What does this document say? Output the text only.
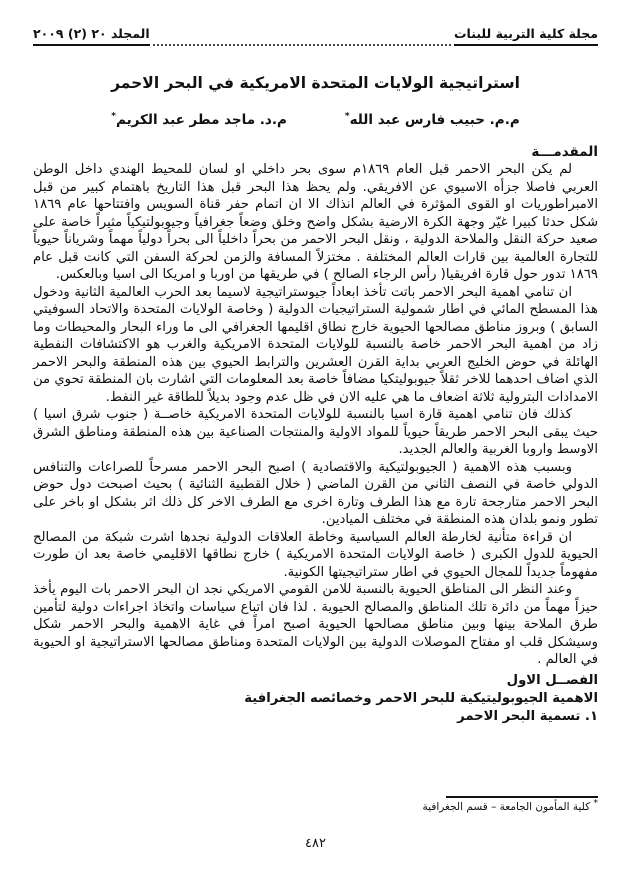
مجلة كلية التربية للبنات
المجلد ٢٠ (٢) ٢٠٠٩
استراتيجية الولايات المتحدة الامريكية في البحر الاحمر
م.م. حبيب فارس عبد الله*
م.د. ماجد مطر عبد الكريم*
المقدمـــة

لم يكن البحر الاحمر قبل العام ١٨٦٩م سوى بحر داخلي او لسان للمحيط الهندي داخل الوطن العربي فاصلا جزأه الاسيوي عن الافريقي. ولم يحظ هذا البحر قبل هذا التاريخ باهتمام كبير من قبل الامبراطوريات او القوى المؤثرة في العالم انذاك الا ان اتمام حفر قناة السويس وافتتاحها عام ١٨٦٩ شكل حدثا كبيرا غيّر وجهة الكرة الارضية بشكل واضح وخلق وضعاً جغرافياً وجيوبولتيكياً مثيراً خاصة على صعيد حركة النقل والملاحة الدولية ، ونقل البحر الاحمر من بحراً داخلياً الى بحراً دولياً مهماً وشرياناً حيوياً للتجارة العالمية بين قارات العالم المختلفة . مختزلاً المسافة والزمن لحركة السفن التي كانت قبل عام ١٨٦٩ تدور حول قارة افريقيا( رأس الرجاء الصالح ) في طريقها من اوربا و امريكا الى اسيا وبالعكس.

ان تنامي اهمية البحر الاحمر باتت تأخذ ابعاداً جيوستراتيجية لاسيما بعد الحرب العالمية الثانية ودخول هذا المسطح المائي في اطار شمولية الستراتيجيات الدولية ( وخاصة الولايات المتحدة والاتحاد السوفيتي السابق ) وبروز مناطق مصالحها الحيوية خارج نطاق اقليمها الجغرافي الى ما وراء البحار والمحيطات وما زاد من اهمية البحر الاحمر خاصة بالنسبة للولايات المتحدة الامريكية والغرب هو الاكتشافات النفطية الهائلة في حوض الخليج العربي بداية القرن العشرين والترابط الحيوي بين هذه المنطقة والبحر الاحمر الذي اضاف احدهما للاخر ثقلاً جيوبوليتكيا مضافاً خاصة بعد المعلومات التي اشارت بان المنطقة تحوي من الامدادات البترولية ثلاثة اضعاف ما هي عليه الان في ظل عدم وجود بديلاً للطاقة غير النفط.

كذلك فان تنامي اهمية قارة اسيا بالنسبة للولايات المتحدة الامريكية خاصــة ( جنوب شرق اسيا ) حيث يبقى البحر الاحمر طريقاً حيوياً للمواد الاولية والمنتجات الصناعية بين هذه المنطقة ومناطق الشرق الاوسط واروبا الغربية والعالم الجديد.

وبسبب هذه الاهمية ( الجيوبولتيكية والاقتصادية ) اصبح البحر الاحمر مسرحاً للصراعات والتنافس الدولي خاصة في النصف الثاني من القرن الماضي ( خلال القطبية الثنائية ) بحيث اصبحت دول حوض البحر الاحمر متارجحة تارة مع هذا الطرف وتارة اخرى مع الطرف الاخر كل ذلك اثر بشكل او باخر على تطور ونمو بلدان هذه المنطقة في مختلف الميادين.

ان قراءة متأنية لخارطة العالم السياسية وخاطة العلاقات الدولية نجدها اشرت شبكة من المصالح الحيوية للدول الكبرى ( خاصة الولايات المتحدة الامريكية ) خارج نطاقها الاقليمي خاصة بعد ان طورت مفهوماً جديداً للمجال الحيوي في اطار ستراتيجيتها الكونية.

وعند النظر الى المناطق الحيوية بالنسبة للامن القومي الامريكي نجد ان البحر الاحمر بات اليوم يأخذ حيزاً مهماً من دائرة تلك المناطق والمصالح الحيوية . لذا فان اتباع سياسات واتخاذ اجراءات دولية لتأمين طرق الملاحة بينها وبين مناطق مصالحها الحيوية اصبح امراً في غاية الاهمية والبحر الاحمر شكل وسيشكل قلب او مفتاح الموصلات الدولية بين الولايات المتحدة ومناطق مصالحها الاستراتيجية او الحيوية في العالم .

الفصــل الاول
الاهمية الجيوبوليتيكية للبحر الاحمر وخصائصه الجغرافية
١. تسمية البحر الاحمر
* كلية المأمون الجامعة – قسم الجغرافية
٤٨٢
